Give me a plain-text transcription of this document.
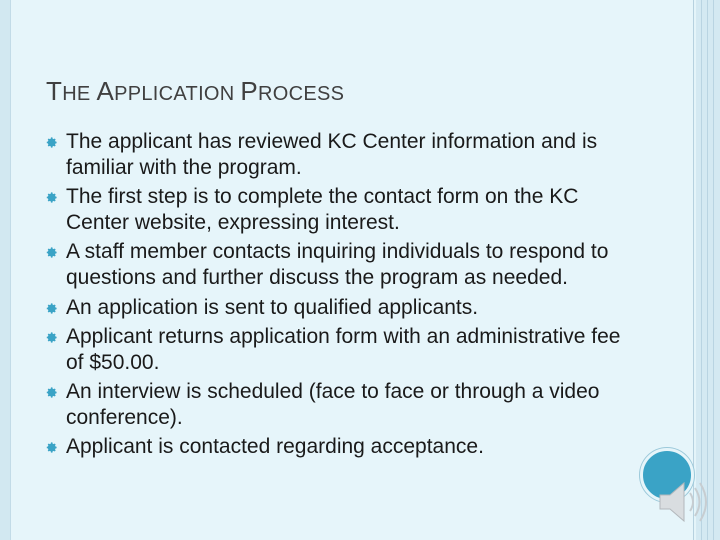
THE APPLICATION PROCESS
The applicant has reviewed KC Center information and is familiar with the program.
The first step is to complete the contact form on the KC Center website, expressing interest.
A staff member contacts inquiring individuals to respond to questions and further discuss the program as needed.
An application is sent to qualified applicants.
Applicant returns application form with an administrative fee of $50.00.
An interview is scheduled (face to face or through a video conference).
Applicant is contacted regarding acceptance.
